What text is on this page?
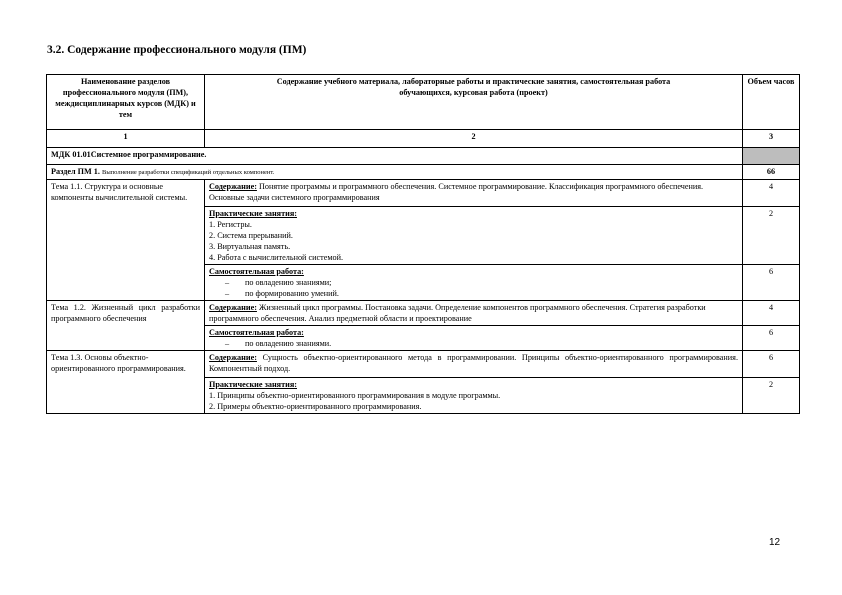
3.2. Содержание профессионального модуля (ПМ)
Наименование разделов профессионального модуля (ПМ), междисциплинарных курсов (МДК) и тем	Содержание учебного материала, лабораторные работы и практические занятия, самостоятельная работа обучающихся, курсовая работа (проект)	Объем часов
1	2	3
МДК 01.01Системное программирование.		
Раздел ПМ 1. Выполнение разработки спецификаций отдельных компонент.		66
Тема 1.1. Структура и основные компоненты вычислительной системы.	Содержание: Понятие программы и программного обеспечения. Системное программирование. Классификация программного обеспечения. Основные задачи системного программирования	4

	Практические занятия:
1. Регистры.
2. Система прерываний.
3. Виртуальная память.
4. Работа с вычислительной системой.	2

	Самостоятельная работа:
– по овладению знаниями;
– по формированию умений.	6
Тема 1.2. Жизненный цикл разработки программного обеспечения	Содержание: Жизненный цикл программы. Постановка задачи. Определение компонентов программного обеспечения. Стратегия разработки программного обеспечения. Анализ предметной области и проектирование	4

	Самостоятельная работа:
– по овладению знаниями.	6
Тема 1.3. Основы объектно-ориентированного программирования.	Содержание: Сущность объектно-ориентированного метода в программировании. Принципы объектно-ориентированного программирования. Компонентный подход.	6

	Практические занятия:
1. Принципы объектно-ориентированного программирования в модуле программы.
2. Примеры объектно-ориентированного программирования.	2
12
